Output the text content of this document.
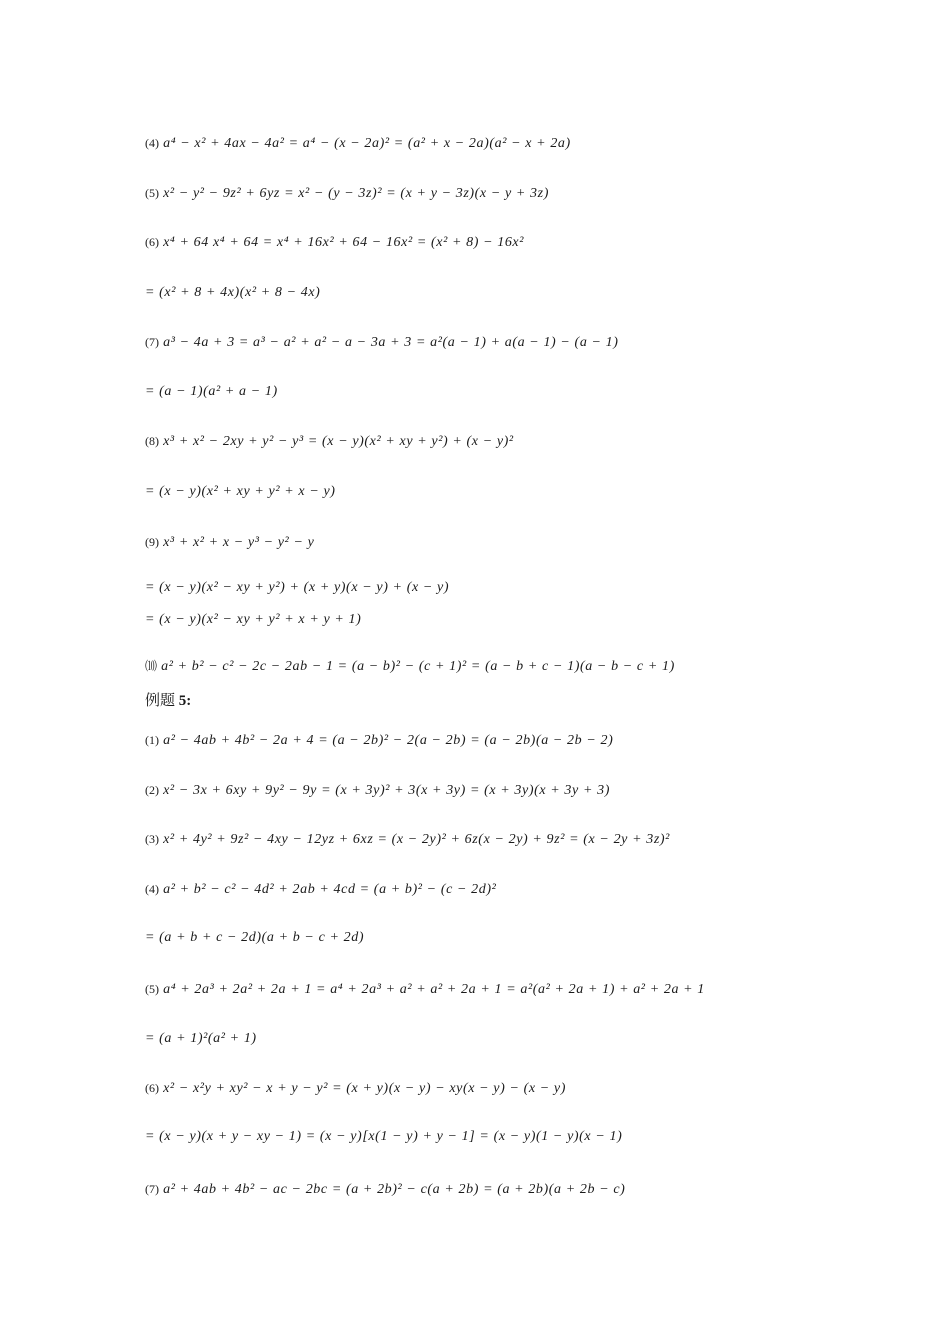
(4) a⁴ − x² + 4ax − 4a² = a⁴ − (x − 2a)² = (a² + x − 2a)(a² − x + 2a)
(5) x² − y² − 9z² + 6yz = x² − (y − 3z)² = (x + y − 3z)(x − y + 3z)
(6) x⁴ + 64 x⁴ + 64 = x⁴ + 16x² + 64 − 16x² = (x² + 8) − 16x²
= (x² + 8 + 4x)(x² + 8 − 4x)
(7) a³ − 4a + 3 = a³ − a² + a² − a − 3a + 3 = a²(a − 1) + a(a − 1) − (a − 1)
= (a − 1)(a² + a − 1)
(8) x³ + x² − 2xy + y² − y³ = (x − y)(x² + xy + y²) + (x − y)²
= (x − y)(x² + xy + y² + x − y)
(9) x³ + x² + x − y³ − y² − y
= (x − y)(x² − xy + y²) + (x + y)(x − y) + (x − y)
= (x − y)(x² − xy + y² + x + y + 1)
⑽ a² + b² − c² − 2c − 2ab − 1 = (a − b)² − (c + 1)² = (a − b + c − 1)(a − b − c + 1)
例题 5:
(1) a² − 4ab + 4b² − 2a + 4 = (a − 2b)² − 2(a − 2b) = (a − 2b)(a − 2b − 2)
(2) x² − 3x + 6xy + 9y² − 9y = (x + 3y)² + 3(x + 3y) = (x + 3y)(x + 3y + 3)
(3) x² + 4y² + 9z² − 4xy − 12yz + 6xz = (x − 2y)² + 6z(x − 2y) + 9z² = (x − 2y + 3z)²
(4) a² + b² − c² − 4d² + 2ab + 4cd = (a + b)² − (c − 2d)²
= (a + b + c − 2d)(a + b − c + 2d)
(5) a⁴ + 2a³ + 2a² + 2a + 1 = a⁴ + 2a³ + a² + a² + 2a + 1 = a²(a² + 2a + 1) + a² + 2a + 1
= (a + 1)²(a² + 1)
(6) x² − x²y + xy² − x + y − y² = (x + y)(x − y) − xy(x − y) − (x − y)
= (x − y)(x + y − xy − 1) = (x − y)[x(1 − y) + y − 1] = (x − y)(1 − y)(x − 1)
(7) a² + 4ab + 4b² − ac − 2bc = (a + 2b)² − c(a + 2b) = (a + 2b)(a + 2b − c)
